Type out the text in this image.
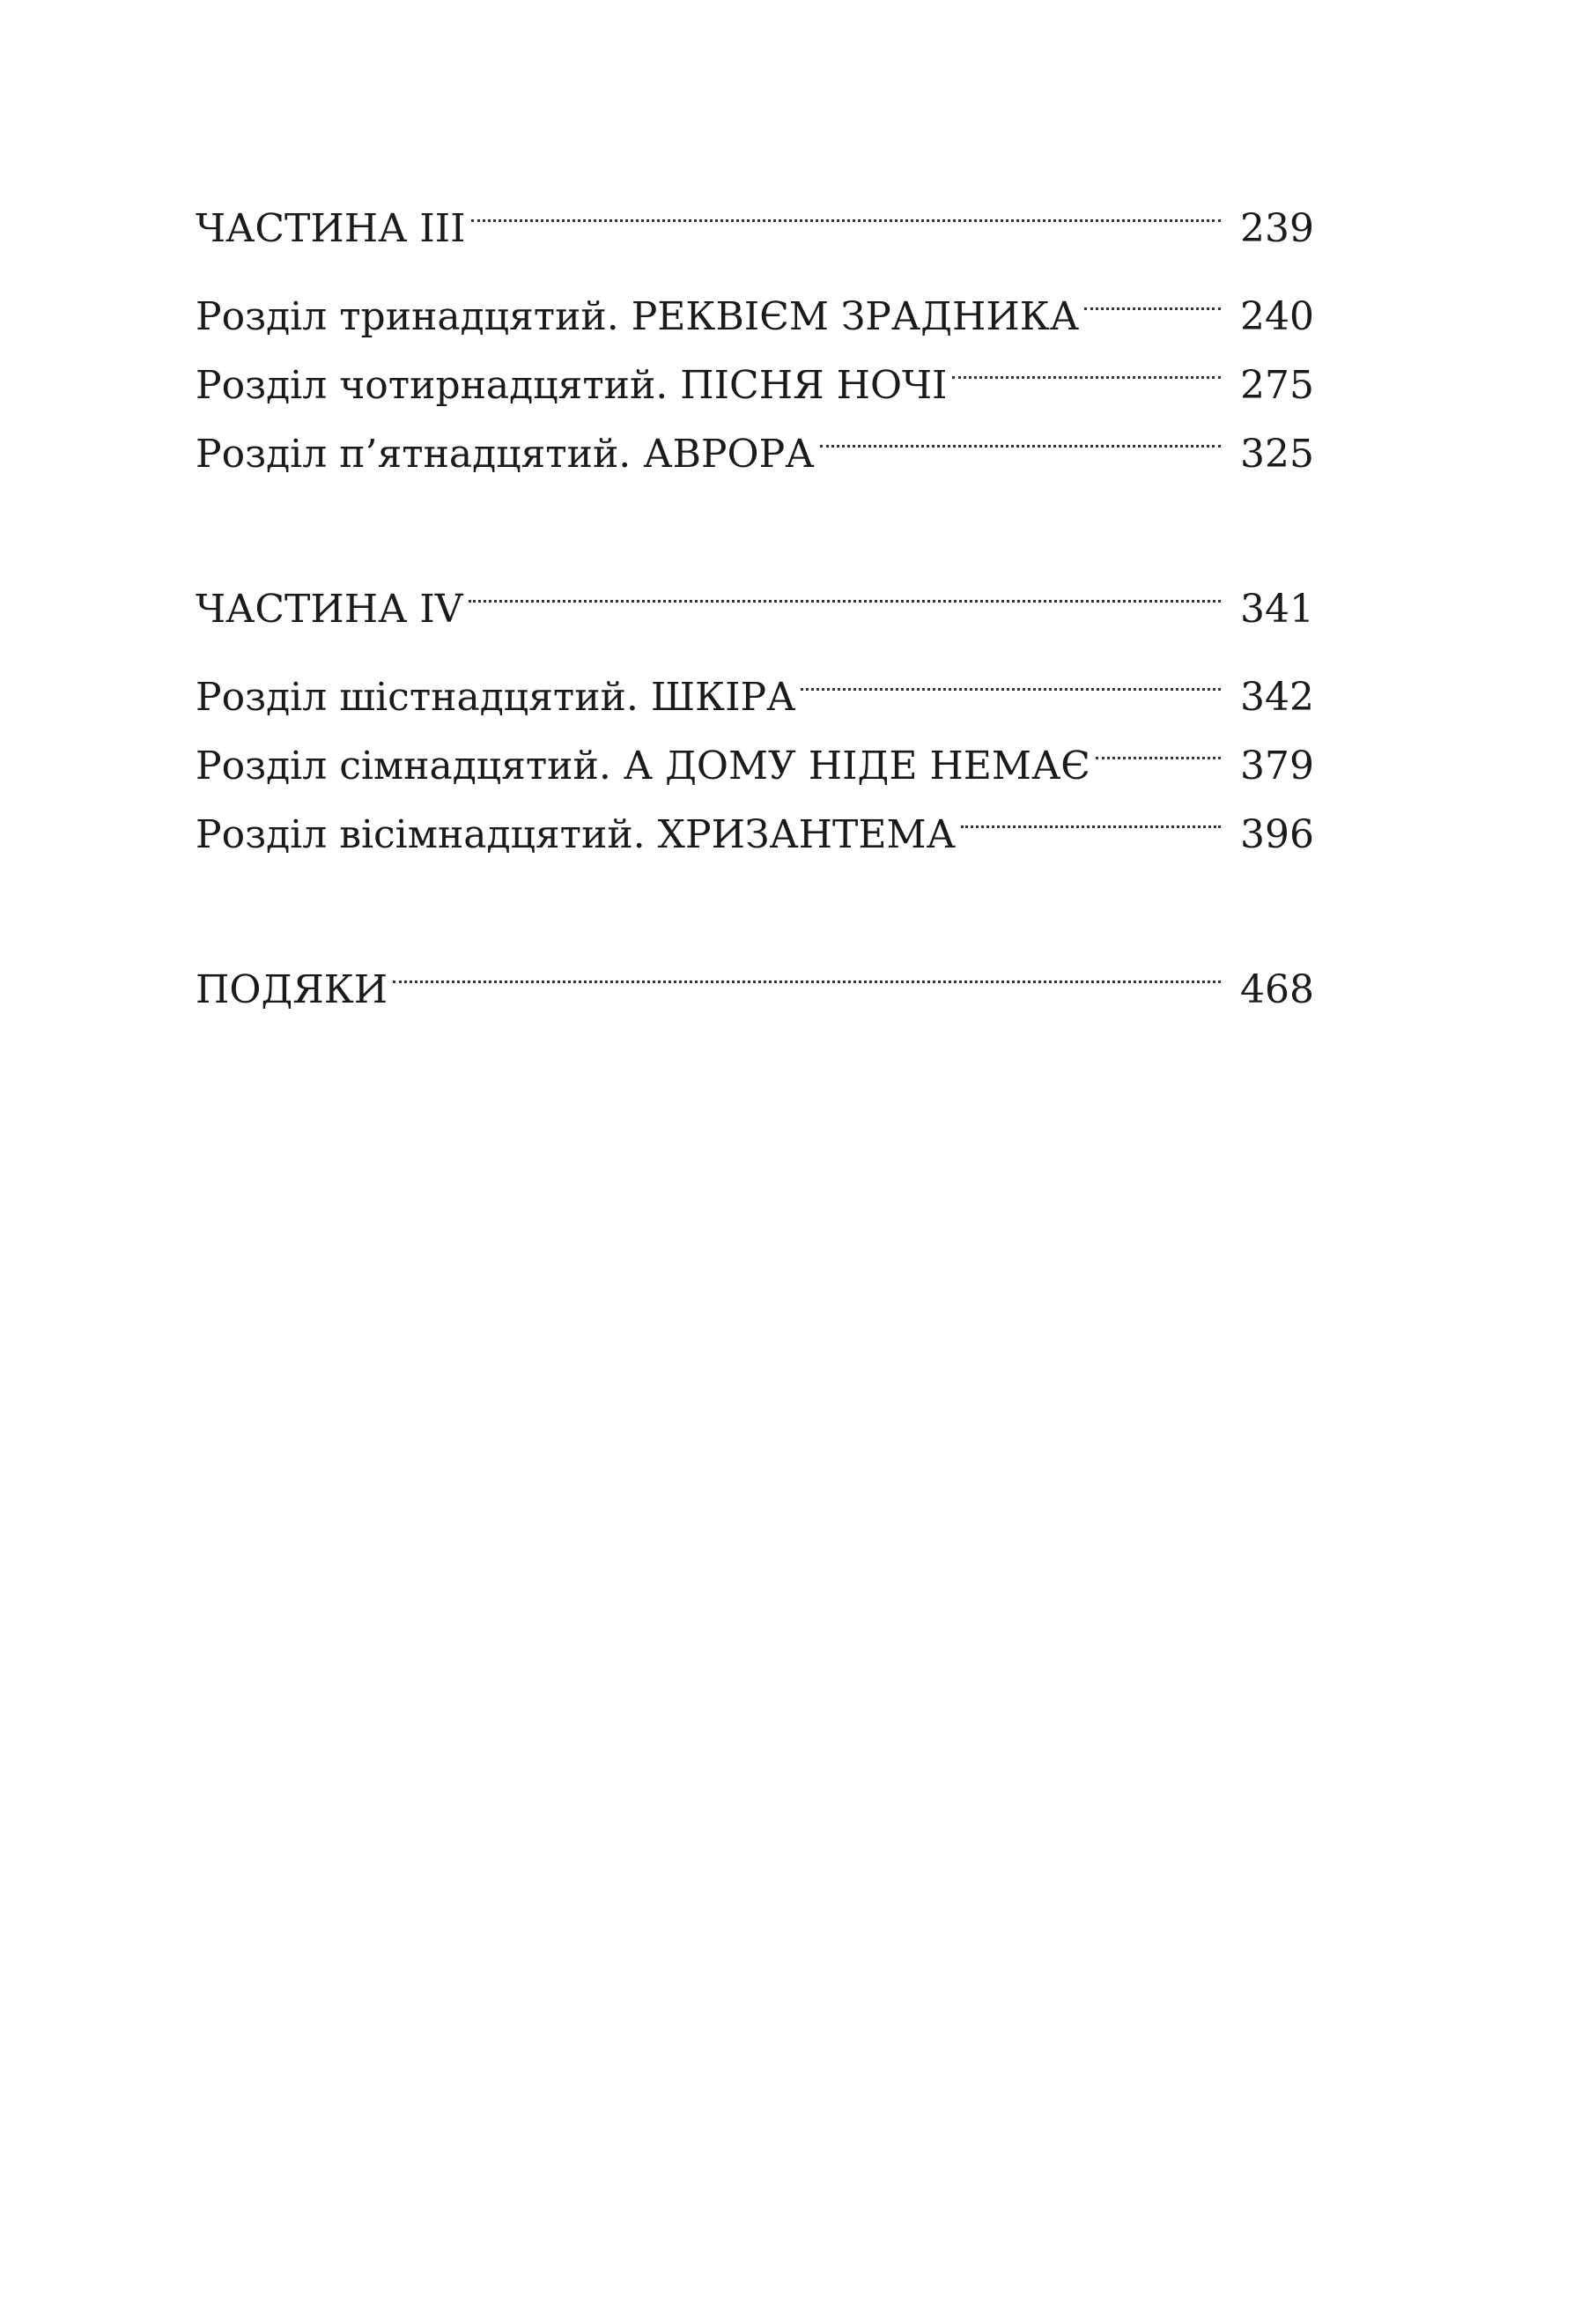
ЧАСТИНА III	239
Розділ тринадцятий. РЕКВІЄМ ЗРАДНИКА	240
Розділ чотирнадцятий. ПІСНЯ НОЧІ	275
Розділ п’ятнадцятий. АВРОРА	325
ЧАСТИНА IV	341
Розділ шістнадцятий. ШКІРА	342
Розділ сімнадцятий. А ДОМУ НІДЕ НЕМАЄ	379
Розділ вісімнадцятий. ХРИЗАНТЕМА	396
ПОДЯКИ	468
